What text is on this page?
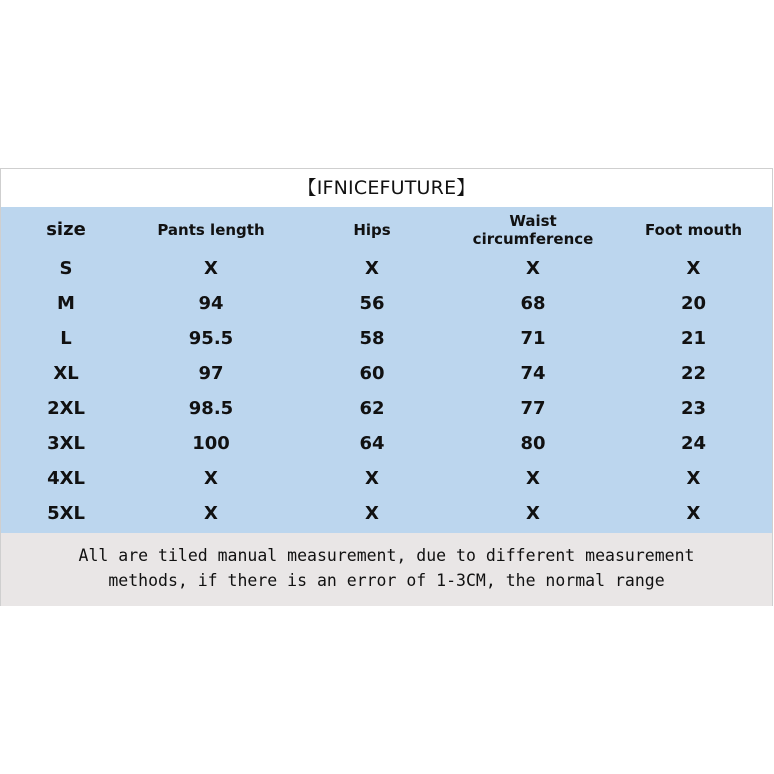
【IFNICEFUTURE】
size	Pants length	Hips	Waist circumference	Foot mouth
S	X	X	X	X
M	94	56	68	20
L	95.5	58	71	21
XL	97	60	74	22
2XL	98.5	62	77	23
3XL	100	64	80	24
4XL	X	X	X	X
5XL	X	X	X	X
All are tiled manual measurement, due to different measurement
methods, if there is an error of 1-3CM, the normal range
